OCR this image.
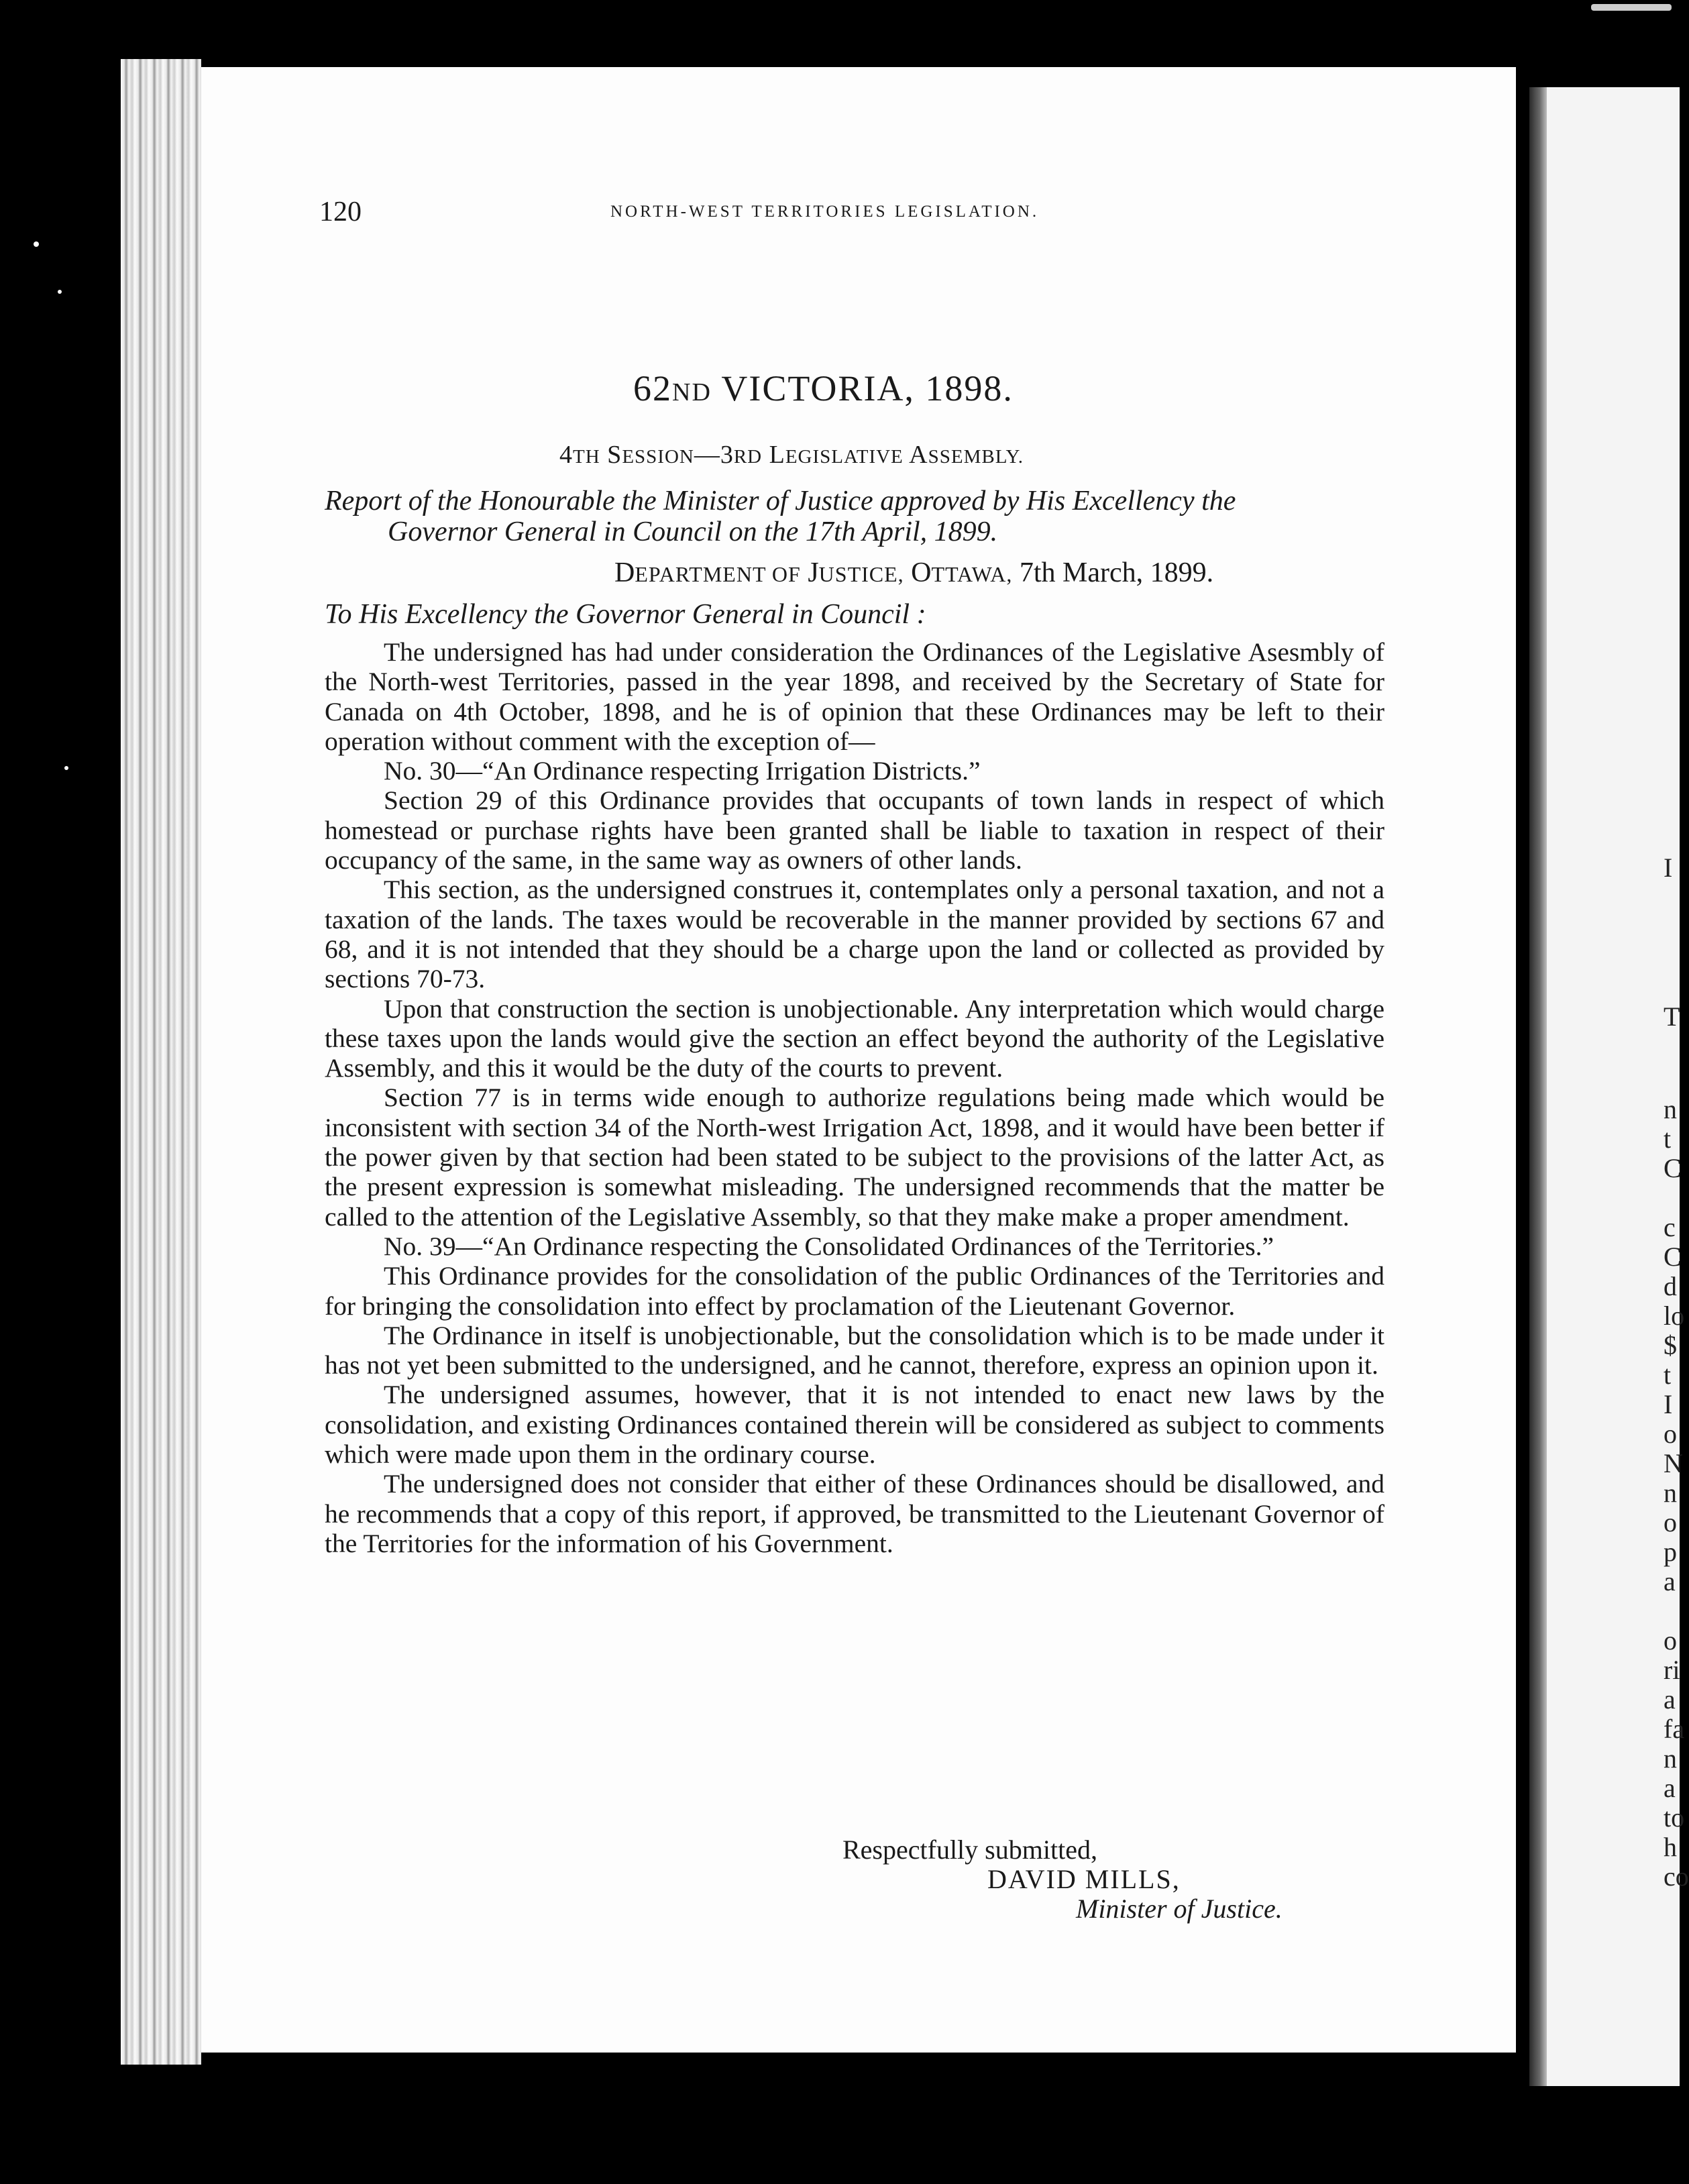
I
T
n
t
C
c
C
d
lo
$
t
I
o
N
n
o
p
a
o
ri
a
fa
n
a
to
h
co
120	NORTH-WEST TERRITORIES LEGISLATION.
62ND VICTORIA, 1898.
4TH SESSION—3RD LEGISLATIVE ASSEMBLY.
Report of the Honourable the Minister of Justice approved by His Excellency the
Governor General in Council on the 17th April, 1899.
DEPARTMENT OF JUSTICE, OTTAWA, 7th March, 1899.
To His Excellency the Governor General in Council :

The undersigned has had under consideration the Ordinances of the Legislative Asesmbly of the North-west Territories, passed in the year 1898, and received by the Secretary of State for Canada on 4th October, 1898, and he is of opinion that these Ordinances may be left to their operation without comment with the exception of—

No. 30—“An Ordinance respecting Irrigation Districts.”

Section 29 of this Ordinance provides that occupants of town lands in respect of which homestead or purchase rights have been granted shall be liable to taxation in respect of their occupancy of the same, in the same way as owners of other lands.

This section, as the undersigned construes it, contemplates only a personal taxation, and not a taxation of the lands. The taxes would be recoverable in the manner provided by sections 67 and 68, and it is not intended that they should be a charge upon the land or collected as provided by sections 70-73.

Upon that construction the section is unobjectionable. Any interpretation which would charge these taxes upon the lands would give the section an effect beyond the authority of the Legislative Assembly, and this it would be the duty of the courts to prevent.

Section 77 is in terms wide enough to authorize regulations being made which would be inconsistent with section 34 of the North-west Irrigation Act, 1898, and it would have been better if the power given by that section had been stated to be subject to the provisions of the latter Act, as the present expression is somewhat misleading. The undersigned recommends that the matter be called to the attention of the Legislative Assembly, so that they make make a proper amendment.

No. 39—“An Ordinance respecting the Consolidated Ordinances of the Territories.”

This Ordinance provides for the consolidation of the public Ordinances of the Territories and for bringing the consolidation into effect by proclamation of the Lieutenant Governor.

The Ordinance in itself is unobjectionable, but the consolidation which is to be made under it has not yet been submitted to the undersigned, and he cannot, therefore, express an opinion upon it.

The undersigned assumes, however, that it is not intended to enact new laws by the consolidation, and existing Ordinances contained therein will be considered as subject to comments which were made upon them in the ordinary course.

The undersigned does not consider that either of these Ordinances should be disallowed, and he recommends that a copy of this report, if approved, be transmitted to the Lieutenant Governor of the Territories for the information of his Government.

Respectfully submitted,
DAVID MILLS,
Minister of Justice.
